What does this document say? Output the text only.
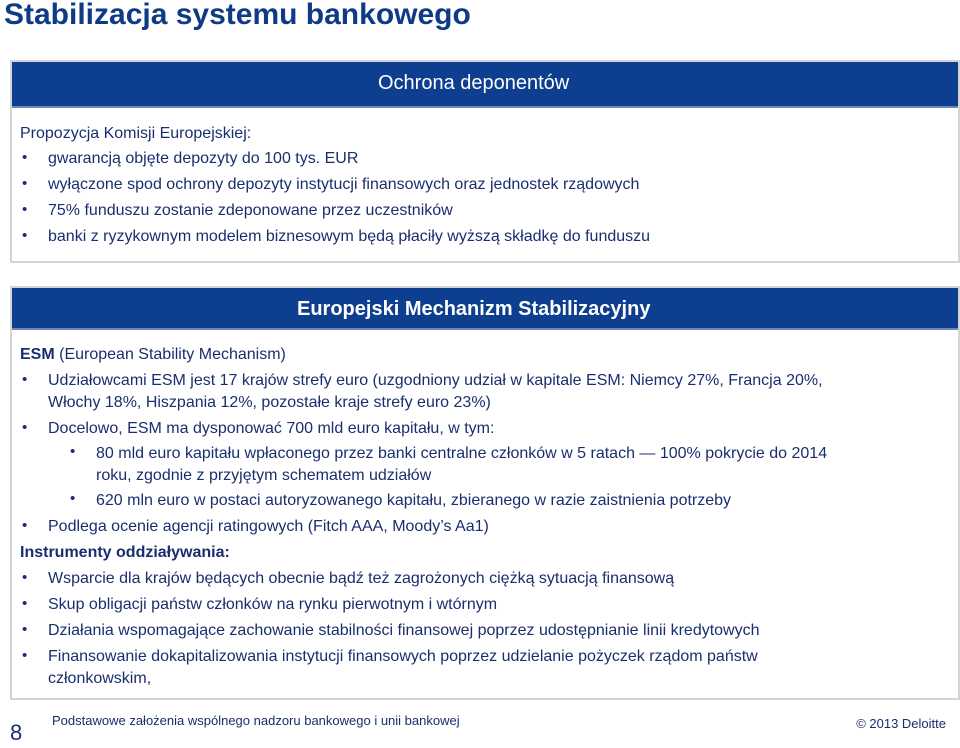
Stabilizacja systemu bankowego
Ochrona deponentów
Propozycja Komisji Europejskiej:
• gwarancją objęte depozyty do 100 tys. EUR
• wyłączone spod ochrony depozyty instytucji finansowych oraz jednostek rządowych
• 75% funduszu zostanie zdeponowane przez uczestników
• banki z ryzykownym modelem biznesowym będą płaciły wyższą składkę do funduszu
Europejski Mechanizm Stabilizacyjny
ESM (European Stability Mechanism)
• Udziałowcami ESM jest 17 krajów strefy euro (uzgodniony udział w kapitale ESM: Niemcy 27%, Francja 20%,
Włochy 18%, Hiszpania 12%, pozostałe kraje strefy euro 23%)
• Docelowo, ESM ma dysponować 700 mld euro kapitału, w tym:
• 80 mld euro kapitału wpłaconego przez banki centralne członków w 5 ratach — 100% pokrycie do 2014
roku, zgodnie z przyjętym schematem udziałów
• 620 mln euro w postaci autoryzowanego kapitału, zbieranego w razie zaistnienia potrzeby
• Podlega ocenie agencji ratingowych (Fitch AAA, Moody’s Aa1)
Instrumenty oddziaływania:
• Wsparcie dla krajów będących obecnie bądź też zagrożonych ciężką sytuacją finansową
• Skup obligacji państw członków na rynku pierwotnym i wtórnym
• Działania wspomagające zachowanie stabilności finansowej poprzez udostępnianie linii kredytowych
• Finansowanie dokapitalizowania instytucji finansowych poprzez udzielanie pożyczek rządom państw
członkowskim,
8 Podstawowe założenia wspólnego nadzoru bankowego i unii bankowej	© 2013 Deloitte
